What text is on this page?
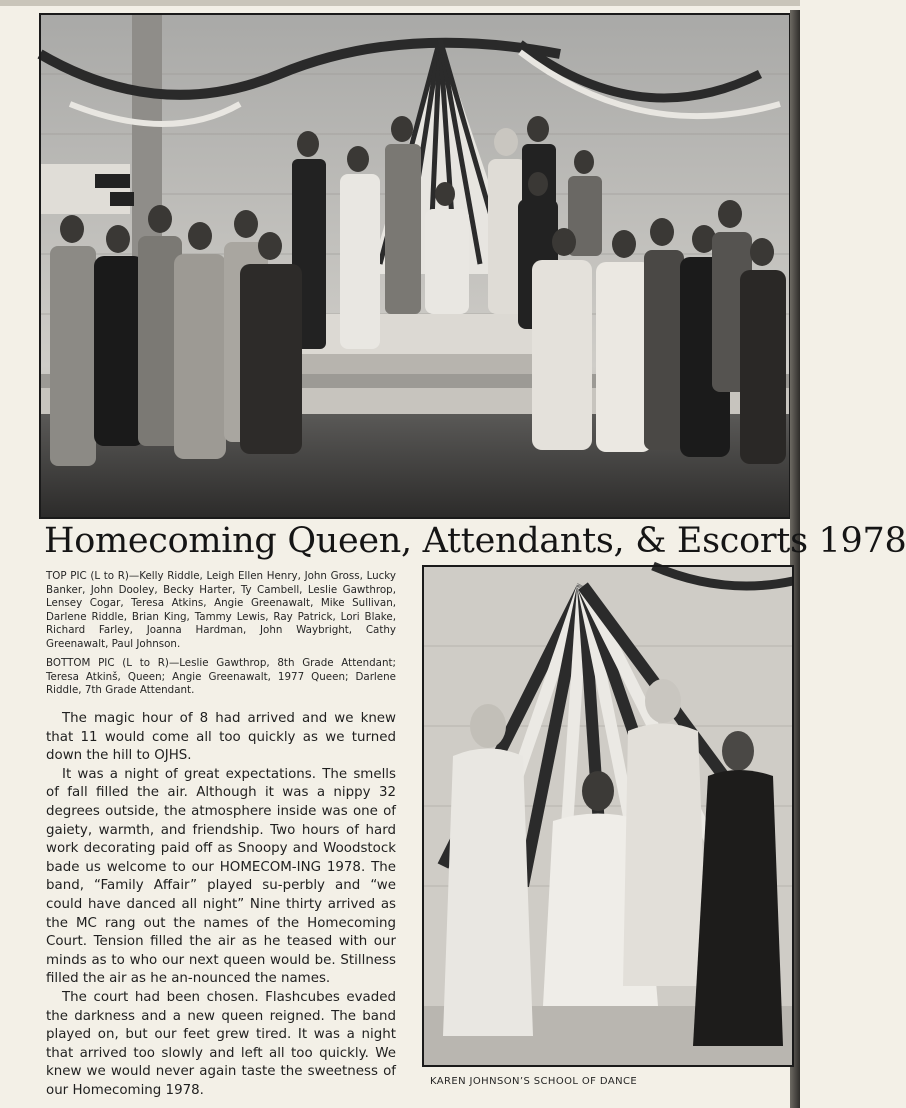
Homecoming Queen, Attendants, & Escorts 1978

TOP PIC (L to R)—Kelly Riddle, Leigh Ellen Henry, John Gross, Lucky Banker, John Dooley, Becky Harter, Ty Cambell, Leslie Gawthrop, Lensey Cogar, Teresa Atkins, Angie Greenawalt, Mike Sullivan, Darlene Riddle, Brian King, Tammy Lewis, Ray Patrick, Lori Blake, Richard Farley, Joanna Hardman, John Waybright, Cathy Greenawalt, Paul Johnson.

BOTTOM PIC (L to R)—Leslie Gawthrop, 8th Grade Attendant; Teresa Atkinš, Queen; Angie Greenawalt, 1977 Queen; Darlene Riddle, 7th Grade Attendant.

The magic hour of 8 had arrived and we knew that 11 would come all too quickly as we turned down the hill to OJHS.

It was a night of great expectations. The smells of fall filled the air. Although it was a nippy 32 degrees outside, the atmosphere inside was one of gaiety, warmth, and friendship. Two hours of hard work decorating paid off as Snoopy and Woodstock bade us welcome to our HOMECOM-ING 1978. The band, “Family Affair” played su-perbly and “we could have danced all night” Nine thirty arrived as the MC rang out the names of the Homecoming Court. Tension filled the air as he teased with our minds as to who our next queen would be. Stillness filled the air as he an-nounced the names.

The court had been chosen. Flashcubes evaded the darkness and a new queen reigned. The band played on, but our feet grew tired. It was a night that arrived too slowly and left all too quickly. We knew we would never again taste the sweetness of our Homecoming 1978.

KAREN JOHNSON’S SCHOOL OF DANCE
